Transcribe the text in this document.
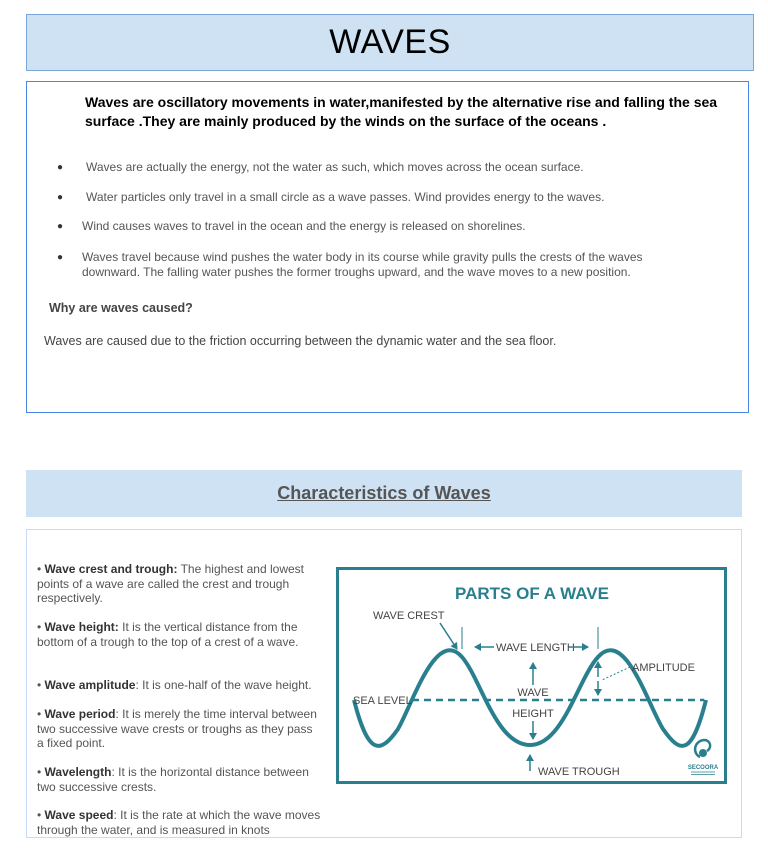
WAVES
Waves are oscillatory movements in water,manifested by the alternative rise and falling the sea surface .They are mainly produced by the winds on the surface of the oceans .
● Waves are actually the energy, not the water as such, which moves across the ocean surface.
● Water particles only travel in a small circle as a wave passes. Wind provides energy to the waves.
● Wind causes waves to travel in the ocean and the energy is released on shorelines.
● Waves travel because wind pushes the water body in its course while gravity pulls the crests of the waves downward. The falling water pushes the former troughs upward, and the wave moves to a new position.
Why are waves caused?
Waves are caused due to the friction occurring between the dynamic water and the sea floor.
Characteristics of Waves
• Wave crest and trough: The highest and lowest points of a wave are called the crest and trough respectively.
• Wave height: It is the vertical distance from the bottom of a trough to the top of a crest of a wave.
• Wave amplitude: It is one-half of the wave height.
• Wave period: It is merely the time interval between two successive wave crests or troughs as they pass a fixed point.
• Wavelength: It is the horizontal distance between two successive crests.
• Wave speed: It is the rate at which the wave moves through the water, and is measured in knots
PARTS OF A WAVE
WAVE CREST
WAVE LENGTH
AMPLITUDE
SEA LEVEL
WAVE
HEIGHT
WAVE TROUGH	SECOORA
